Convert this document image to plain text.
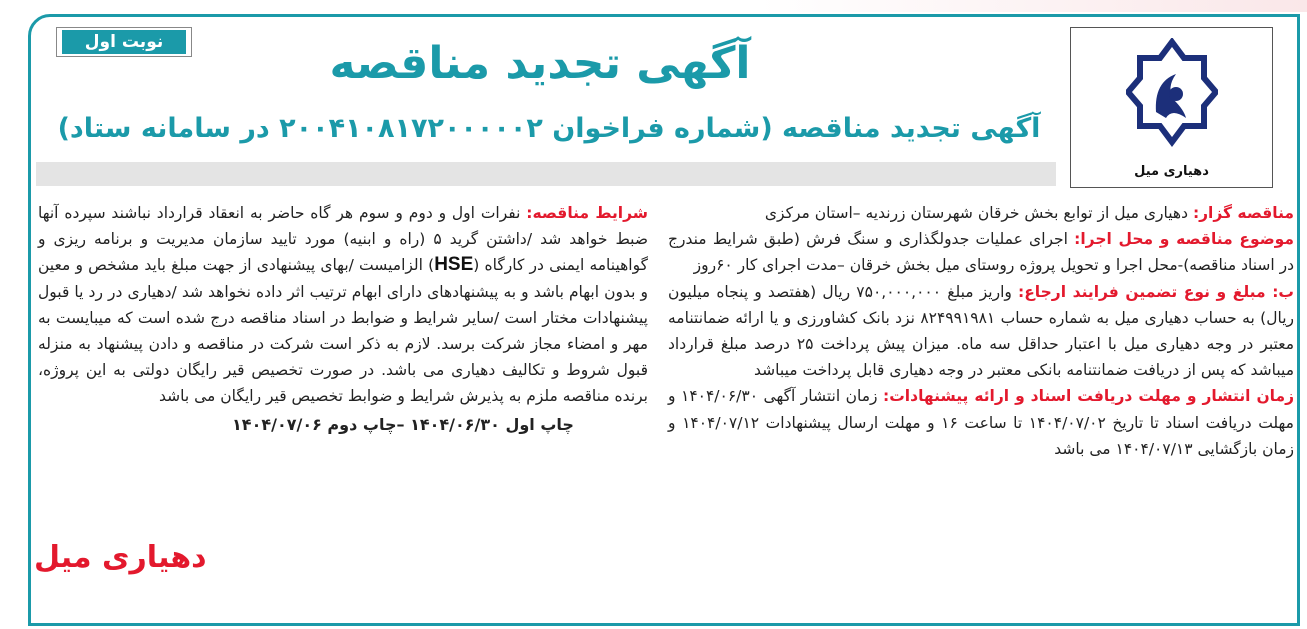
دهیاری میل
نوبت اول	آگهی تجدید مناقصه
آگهی تجدید مناقصه (شماره فراخوان ۲۰۰۴۱۰۸۱۷۲۰۰۰۰۰۲ در سامانه ستاد)
مناقصه گزار: دهیاری میل از توابع بخش خرقان شهرستان زرندیه –استان مرکزی
موضوع مناقصه و محل اجرا: اجرای عملیات جدولگذاری و سنگ فرش (طبق شرایط مندرج در اسناد مناقصه)-محل اجرا و تحویل پروژه روستای میل بخش خرقان –مدت اجرای کار ۶۰روز
ب: مبلغ و نوع تضمین فرایند ارجاع: واریز مبلغ ۷۵۰,۰۰۰,۰۰۰ ریال (هفتصد و پنجاه میلیون ریال) به حساب دهیاری میل به شماره حساب ۸۲۴۹۹۱۹۸۱ نزد بانک کشاورزی و یا ارائه ضمانتنامه معتبر در وجه دهیاری میل با اعتبار حداقل سه ماه. میزان پیش پرداخت ۲۵ درصد مبلغ قرارداد میباشد که پس از دریافت ضمانتنامه بانکی معتبر در وجه دهیاری قابل پرداخت میباشد
زمان انتشار و مهلت دریافت اسناد و ارائه پیشنهادات: زمان انتشار آگهی ۱۴۰۴/۰۶/۳۰ و مهلت دریافت اسناد تا تاریخ ۱۴۰۴/۰۷/۰۲ تا ساعت ۱۶ و مهلت ارسال پیشنهادات ۱۴۰۴/۰۷/۱۲ و زمان بازگشایی ۱۴۰۴/۰۷/۱۳ می باشد
شرایط مناقصه: نفرات اول و دوم و سوم هر گاه حاضر به انعقاد قرارداد نباشند سپرده آنها ضبط خواهد شد /داشتن گرید ۵ (راه و ابنیه) مورد تایید سازمان مدیریت و برنامه ریزی و گواهینامه ایمنی در کارگاه (HSE) الزامیست /بهای پیشنهادی از جهت مبلغ باید مشخص و معین و بدون ابهام باشد و به پیشنهادهای دارای ابهام ترتیب اثر داده نخواهد شد /دهیاری در رد یا قبول پیشنهادات مختار است /سایر شرایط و ضوابط در اسناد مناقصه درج شده است که میبایست به مهر و امضاء مجاز شرکت برسد. لازم به ذکر است شرکت در مناقصه و دادن پیشنهاد به منزله قبول شروط و تکالیف دهیاری می باشد. در صورت تخصیص قیر رایگان دولتی به این پروژه، برنده مناقصه ملزم به پذیرش شرایط و ضوابط تخصیص قیر رایگان می باشد
چاپ اول ۱۴۰۴/۰۶/۳۰ –چاپ دوم ۱۴۰۴/۰۷/۰۶
دهیاری میل
